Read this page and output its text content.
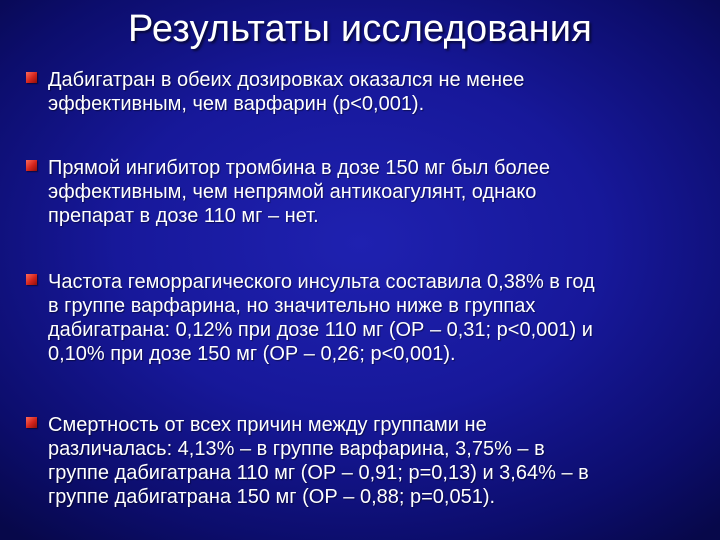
Результаты исследования
Дабигатран в обеих дозировках оказался не менее
эффективным, чем варфарин (p<0,001).
Прямой ингибитор тромбина в дозе 150 мг был более
эффективным, чем непрямой антикоагулянт, однако
препарат в дозе 110 мг – нет.
Частота геморрагического инсульта составила 0,38% в год
в группе варфарина, но значительно ниже в группах
дабигатрана: 0,12% при дозе 110 мг (ОР – 0,31; р<0,001) и
0,10% при дозе 150 мг (ОР – 0,26; р<0,001).
Смертность от всех причин между группами не
различалась: 4,13% – в группе варфарина, 3,75% – в
группе дабигатрана 110 мг (ОР – 0,91; р=0,13) и 3,64% – в
группе дабигатрана 150 мг (ОР – 0,88; р=0,051).
